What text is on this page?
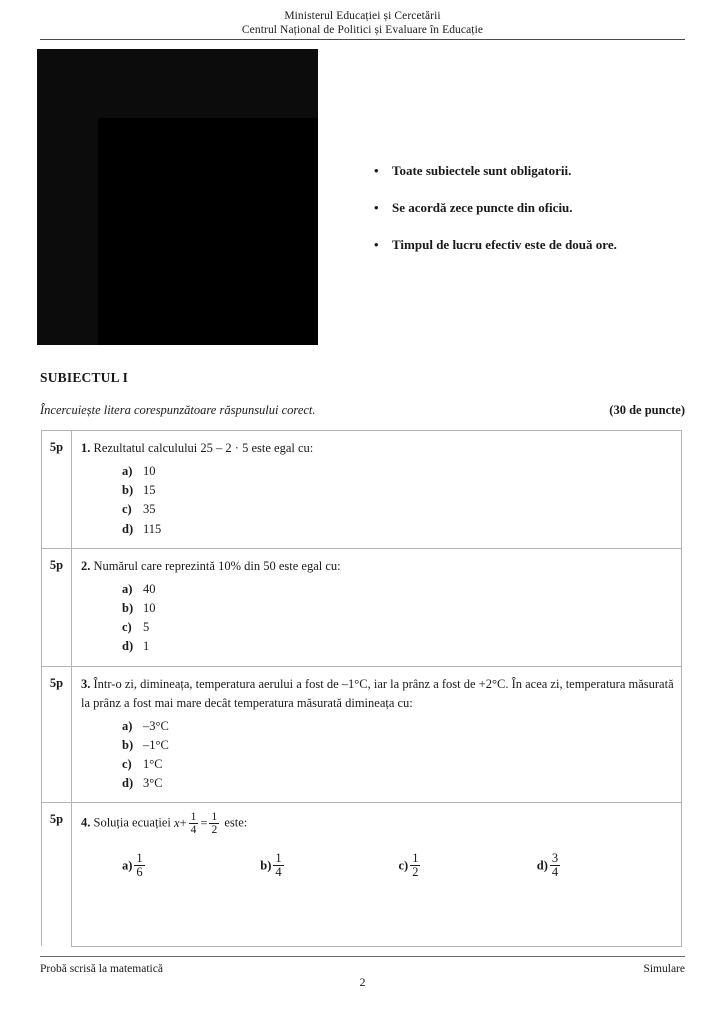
Ministerul Educației și Cercetării
Centrul Național de Politici și Evaluare în Educație
• Toate subiectele sunt obligatorii.
• Se acordă zece puncte din oficiu.
• Timpul de lucru efectiv este de două ore.
SUBIECTUL I
Încercuiește litera corespunzătoare răspunsului corect.	(30 de puncte)
5p	1. Rezultatul calculului 25 – 2 · 5 este egal cu:

	a) 10
b) 15
c) 35
d) 115

5p	2. Numărul care reprezintă 10% din 50 este egal cu:

	a) 40
b) 10
c) 5
d) 1

5p	3. Într-o zi, dimineața, temperatura aerului a fost de –1°C, iar la prânz a fost de +2°C. În acea zi, temperatura măsurată la prânz a fost mai mare decât temperatura măsurată dimineața cu:

	a) –3°C
b) –1°C
c) 1°C
d) 3°C

5p	4. Soluția ecuației $x+ \frac{1}{4} = \frac{1}{2}$ este:

$a) \frac{1}{6}$	$b) \frac{1}{4}$	$c) \frac{1}{2}$	$d) \frac{3}{4}$
Probă scrisă la matematică	Simulare
2
